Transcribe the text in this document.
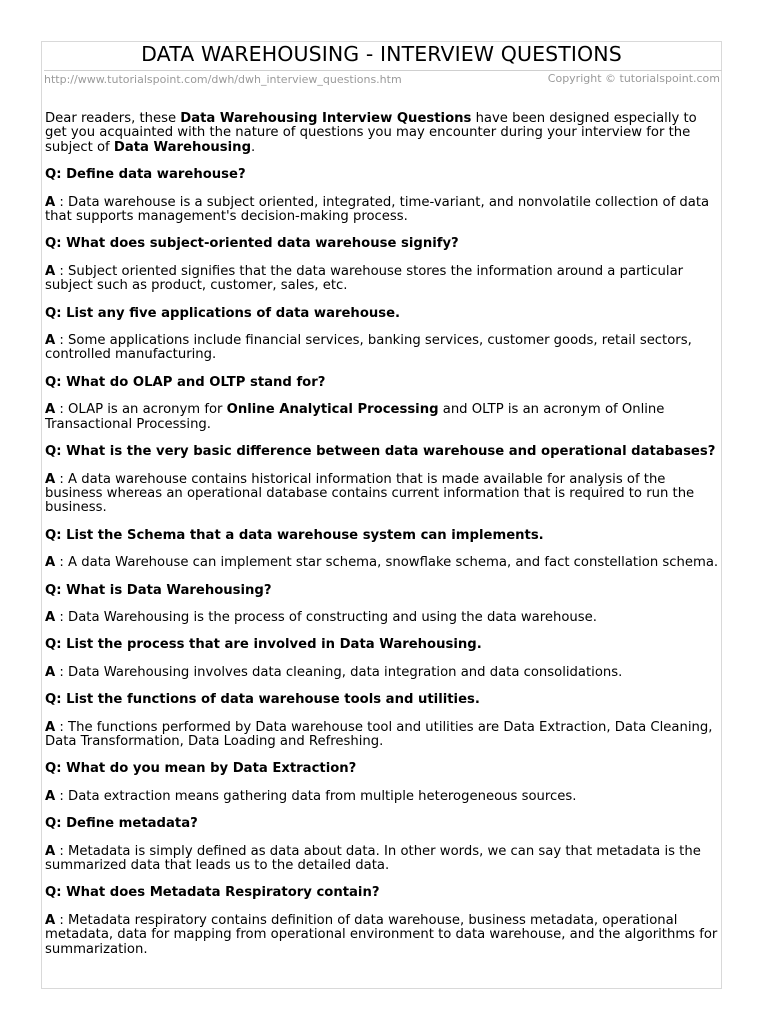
DATA WAREHOUSING - INTERVIEW QUESTIONS
http://www.tutorialspoint.com/dwh/dwh_interview_questions.htm	Copyright © tutorialspoint.com

Dear readers, these Data Warehousing Interview Questions have been designed especially to get you acquainted with the nature of questions you may encounter during your interview for the subject of Data Warehousing.

Q: Define data warehouse?

A : Data warehouse is a subject oriented, integrated, time-variant, and nonvolatile collection of data that supports management's decision-making process.

Q: What does subject-oriented data warehouse signify?

A : Subject oriented signifies that the data warehouse stores the information around a particular subject such as product, customer, sales, etc.

Q: List any five applications of data warehouse.

A : Some applications include financial services, banking services, customer goods, retail sectors, controlled manufacturing.

Q: What do OLAP and OLTP stand for?

A : OLAP is an acronym for Online Analytical Processing and OLTP is an acronym of Online Transactional Processing.

Q: What is the very basic difference between data warehouse and operational databases?

A : A data warehouse contains historical information that is made available for analysis of the business whereas an operational database contains current information that is required to run the business.

Q: List the Schema that a data warehouse system can implements.

A : A data Warehouse can implement star schema, snowflake schema, and fact constellation schema.

Q: What is Data Warehousing?

A : Data Warehousing is the process of constructing and using the data warehouse.

Q: List the process that are involved in Data Warehousing.

A : Data Warehousing involves data cleaning, data integration and data consolidations.

Q: List the functions of data warehouse tools and utilities.

A : The functions performed by Data warehouse tool and utilities are Data Extraction, Data Cleaning, Data Transformation, Data Loading and Refreshing.

Q: What do you mean by Data Extraction?

A : Data extraction means gathering data from multiple heterogeneous sources.

Q: Define metadata?

A : Metadata is simply defined as data about data. In other words, we can say that metadata is the summarized data that leads us to the detailed data.

Q: What does Metadata Respiratory contain?

A : Metadata respiratory contains definition of data warehouse, business metadata, operational metadata, data for mapping from operational environment to data warehouse, and the algorithms for summarization.
